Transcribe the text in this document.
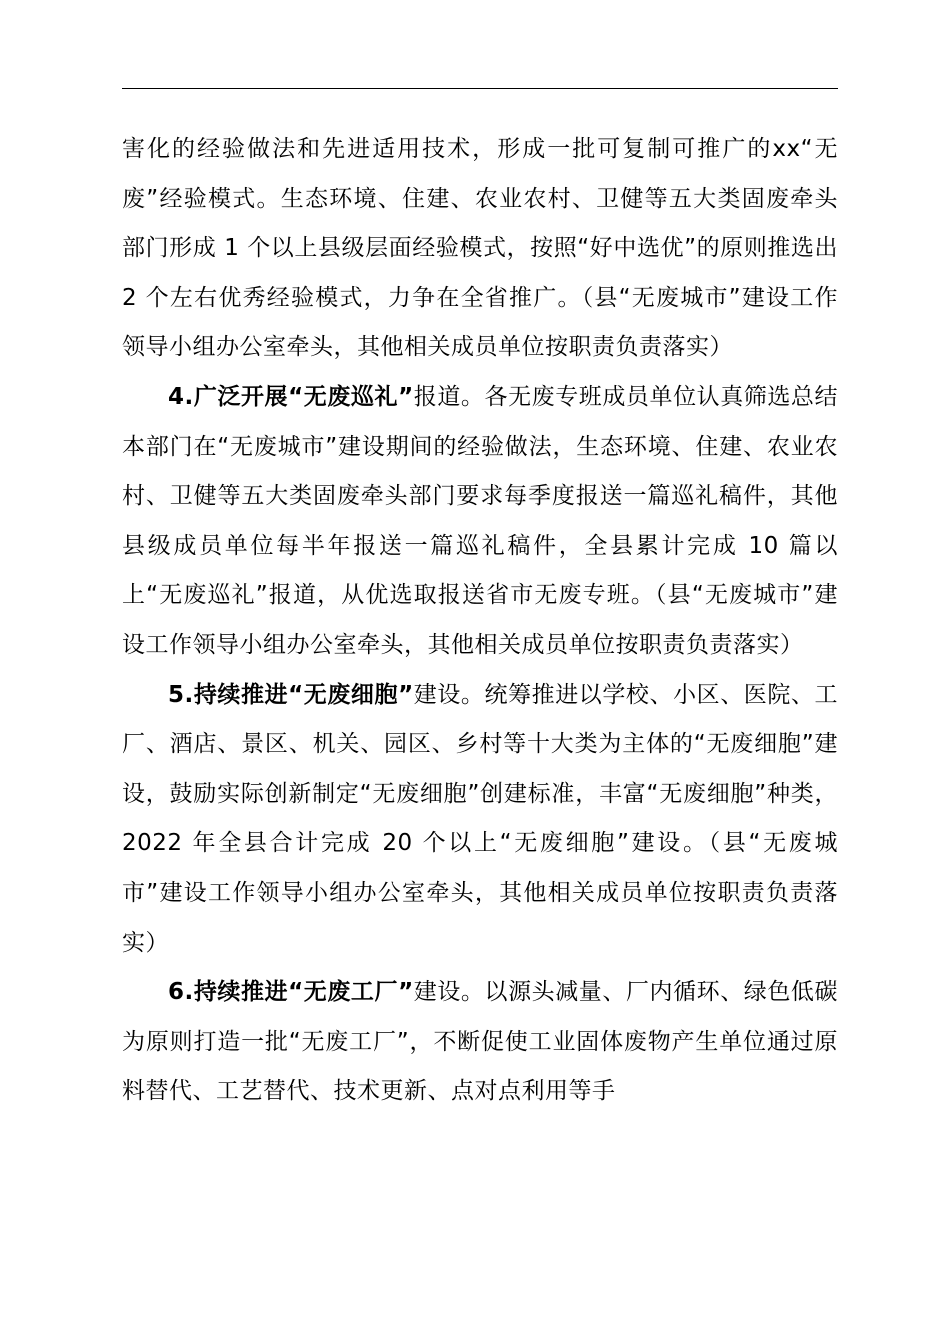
害化的经验做法和先进适用技术，形成一批可复制可推广的xx“无废”经验模式。生态环境、住建、农业农村、卫健等五大类固废牵头部门形成 1 个以上县级层面经验模式，按照“好中选优”的原则推选出 2 个左右优秀经验模式，力争在全省推广。（县“无废城市”建设工作领导小组办公室牵头，其他相关成员单位按职责负责落实）

4.广泛开展“无废巡礼”报道。各无废专班成员单位认真筛选总结本部门在“无废城市”建设期间的经验做法，生态环境、住建、农业农村、卫健等五大类固废牵头部门要求每季度报送一篇巡礼稿件，其他县级成员单位每半年报送一篇巡礼稿件，全县累计完成 10 篇以上“无废巡礼”报道，从优选取报送省市无废专班。（县“无废城市”建设工作领导小组办公室牵头，其他相关成员单位按职责负责落实）

5.持续推进“无废细胞”建设。统筹推进以学校、小区、医院、工厂、酒店、景区、机关、园区、乡村等十大类为主体的“无废细胞”建设，鼓励实际创新制定“无废细胞”创建标准，丰富“无废细胞”种类，2022 年全县合计完成 20 个以上“无废细胞”建设。（县“无废城市”建设工作领导小组办公室牵头，其他相关成员单位按职责负责落实）

6.持续推进“无废工厂”建设。以源头减量、厂内循环、绿色低碳为原则打造一批“无废工厂”，不断促使工业固体废物产生单位通过原料替代、工艺替代、技术更新、点对点利用等手
